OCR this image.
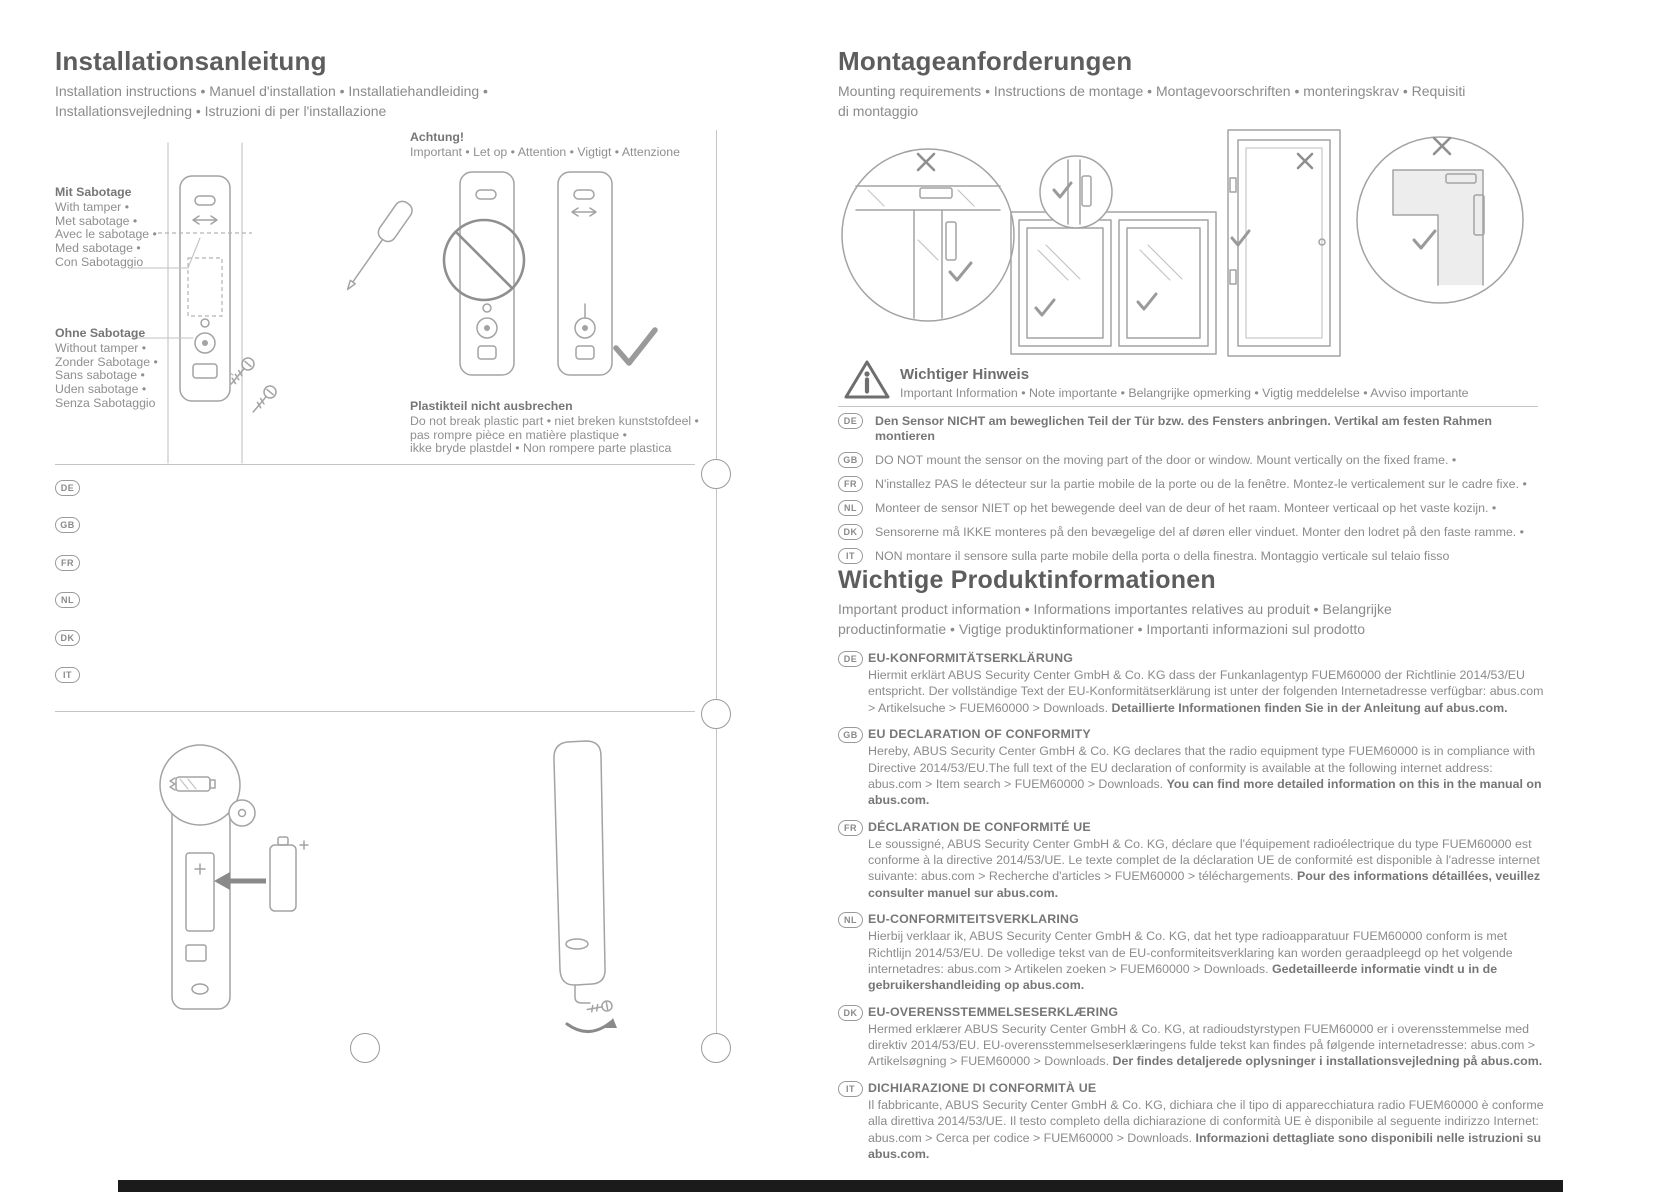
Installationsanleitung

Installation instructions • Manuel d'installation • Installatiehandleiding • Installationsvejledning • Istruzioni di per l'installazione

Mit Sabotage
With tamper •
Met sabotage •
Avec le sabotage •
Med sabotage •
Con Sabotaggio
Ohne Sabotage
Without tamper •
Zonder Sabotage •
Sans sabotage •
Uden sabotage •
Senza Sabotaggio
Achtung!
Important • Let op • Attention • Vigtigt • Attenzione
Plastikteil nicht ausbrechen
Do not break plastic part • niet breken kunststofdeel •
pas rompre pièce en matière plastique •
ikke bryde plastdel • Non rompere parte plastica
DE
GB
FR
NL
DK
IT
Montageanforderungen

Mounting requirements • Instructions de montage • Montagevoorschriften • monteringskrav • Requisiti di montaggio

Wichtiger Hinweis
Important Information • Note importante • Belangrijke opmerking • Vigtig meddelelse • Avviso importante
DE	Den Sensor NICHT am beweglichen Teil der Tür bzw. des Fensters anbringen. Vertikal am festen Rahmen montieren
GB	DO NOT mount the sensor on the moving part of the door or window. Mount vertically on the fixed frame. •
FR	N'installez PAS le détecteur sur la partie mobile de la porte ou de la fenêtre. Montez-le verticalement sur le cadre fixe. •
NL	Monteer de sensor NIET op het bewegende deel van de deur of het raam. Monteer verticaal op het vaste kozijn. •
DK	Sensorerne må IKKE monteres på den bevægelige del af døren eller vinduet. Monter den lodret på den faste ramme. •
IT	NON montare il sensore sulla parte mobile della porta o della finestra. Montaggio verticale sul telaio fisso
Wichtige Produktinformationen

Important product information • Informations importantes relatives au produit • Belangrijke productinformatie • Vigtige produktinformationer • Importanti informazioni sul prodotto

DE EU-KONFORMITÄTSERKLÄRUNG

Hiermit erklärt ABUS Security Center GmbH & Co. KG dass der Funkanlagentyp FUEM60000 der Richtlinie 2014/53/EU entspricht. Der vollständige Text der EU-Konformitätserklärung ist unter der folgenden Internetadresse verfügbar: abus.com > Artikelsuche > FUEM60000 > Downloads. Detaillierte Informationen finden Sie in der Anleitung auf abus.com.

GB EU DECLARATION OF CONFORMITY

Hereby, ABUS Security Center GmbH & Co. KG declares that the radio equipment type FUEM60000 is in compliance with Directive 2014/53/EU.The full text of the EU declaration of conformity is available at the following internet address: abus.com > Item search > FUEM60000 > Downloads. You can find more detailed information on this in the manual on abus.com.

FR DÉCLARATION DE CONFORMITÉ UE

Le soussigné, ABUS Security Center GmbH & Co. KG, déclare que l'équipement radioélectrique du type FUEM60000 est conforme à la directive 2014/53/UE. Le texte complet de la déclaration UE de conformité est disponible à l'adresse internet suivante: abus.com > Recherche d'articles > FUEM60000 > téléchargements. Pour des informations détaillées, veuillez consulter manuel sur abus.com.

NL EU-CONFORMITEITSVERKLARING

Hierbij verklaar ik, ABUS Security Center GmbH & Co. KG, dat het type radioapparatuur FUEM60000 conform is met Richtlijn 2014/53/EU. De volledige tekst van de EU-conformiteitsverklaring kan worden geraadpleegd op het volgende internetadres: abus.com > Artikelen zoeken > FUEM60000 > Downloads. Gedetailleerde informatie vindt u in de gebruikershandleiding op abus.com.

DK EU-OVERENSSTEMMELSESERKLÆRING

Hermed erklærer ABUS Security Center GmbH & Co. KG, at radioudstyrstypen FUEM60000 er i overensstemmelse med direktiv 2014/53/EU. EU-overensstemmelseserklæringens fulde tekst kan findes på følgende internetadresse: abus.com > Artikelsøgning > FUEM60000 > Downloads. Der findes detaljerede oplysninger i installationsvejledning på abus.com.

IT	DICHIARAZIONE DI CONFORMITÀ UE

Il fabbricante, ABUS Security Center GmbH & Co. KG, dichiara che il tipo di apparecchiatura radio FUEM60000 è conforme alla direttiva 2014/53/UE. Il testo completo della dichiarazione di conformità UE è disponibile al seguente indirizzo Internet: abus.com > Cerca per codice > FUEM60000 > Downloads. Informazioni dettagliate sono disponibili nelle istruzioni su abus.com.
